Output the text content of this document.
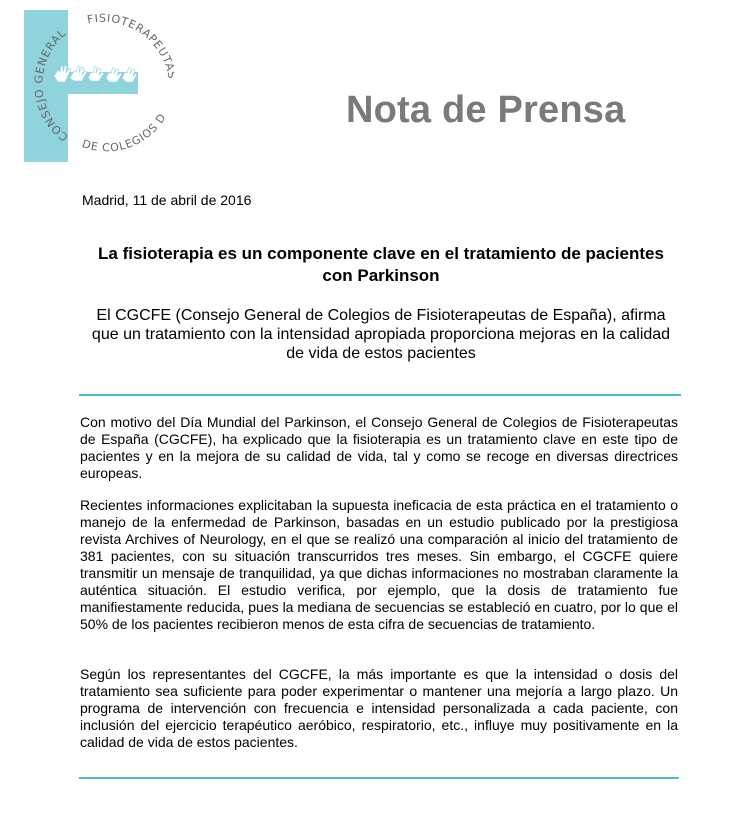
CONSEJO GENERAL
FISIOTERAPEUT
DE COLEGIOS D	Nota de Prensa

Madrid, 11 de abril de 2016

La fisioterapia es un componente clave en el tratamiento de pacientes con Parkinson

El CGCFE (Consejo General de Colegios de Fisioterapeutas de España), afirma que un tratamiento con la intensidad apropiada proporciona mejoras en la calidad de vida de estos pacientes

Con motivo del Día Mundial del Parkinson, el Consejo General de Colegios de Fisioterapeutas de España (CGCFE), ha explicado que la fisioterapia es un tratamiento clave en este tipo de pacientes y en la mejora de su calidad de vida, tal y como se recoge en diversas directrices europeas.

Recientes informaciones explicitaban la supuesta ineficacia de esta práctica en el tratamiento o manejo de la enfermedad de Parkinson, basadas en un estudio publicado por la prestigiosa revista Archives of Neurology, en el que se realizó una comparación al inicio del tratamiento de 381 pacientes, con su situación transcurridos tres meses. Sin embargo, el CGCFE quiere transmitir un mensaje de tranquilidad, ya que dichas informaciones no mostraban claramente la auténtica situación. El estudio verifica, por ejemplo, que la dosis de tratamiento fue manifiestamente reducida, pues la mediana de secuencias se estableció en cuatro, por lo que el 50% de los pacientes recibieron menos de esta cifra de secuencias de tratamiento.

Según los representantes del CGCFE, la más importante es que la intensidad o dosis del tratamiento sea suficiente para poder experimentar o mantener una mejoría a largo plazo. Un programa de intervención con frecuencia e intensidad personalizada a cada paciente, con inclusión del ejercicio terapéutico aeróbico, respiratorio, etc., influye muy positivamente en la calidad de vida de estos pacientes.
